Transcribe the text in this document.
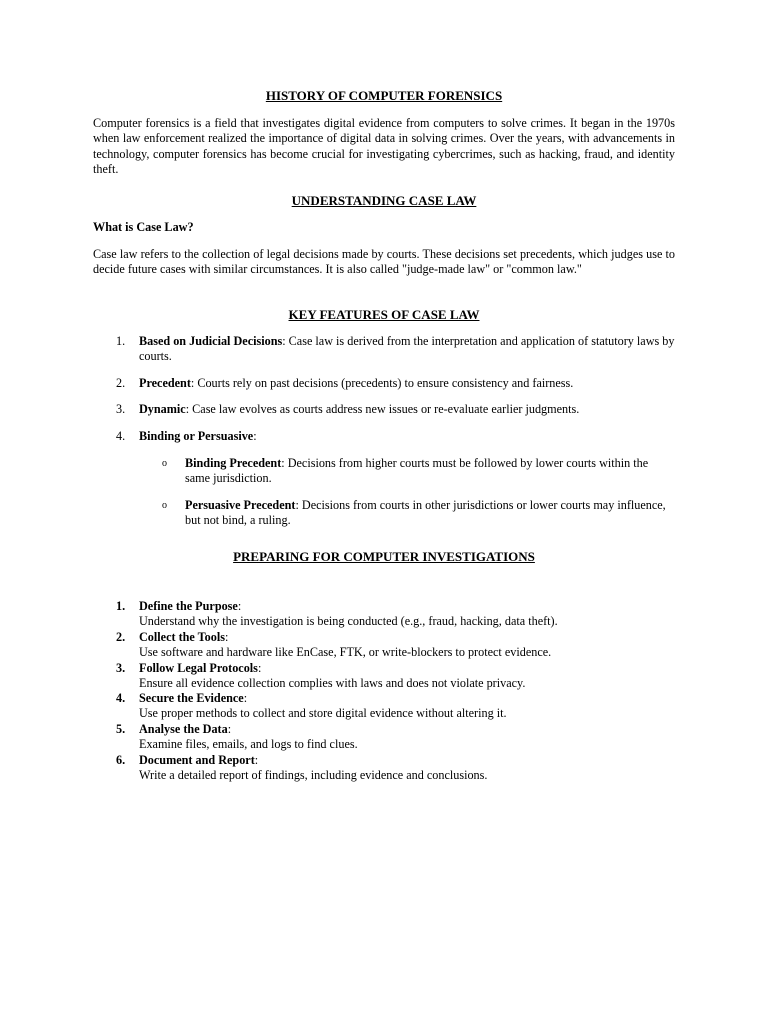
HISTORY OF COMPUTER FORENSICS

Computer forensics is a field that investigates digital evidence from computers to solve crimes. It began in the 1970s when law enforcement realized the importance of digital data in solving crimes. Over the years, with advancements in technology, computer forensics has become crucial for investigating cybercrimes, such as hacking, fraud, and identity theft.

UNDERSTANDING CASE LAW

What is Case Law?

Case law refers to the collection of legal decisions made by courts. These decisions set precedents, which judges use to decide future cases with similar circumstances. It is also called "judge-made law" or "common law."

KEY FEATURES OF CASE LAW
1.	Based on Judicial Decisions: Case law is derived from the interpretation and application of statutory laws by courts.
2.	Precedent: Courts rely on past decisions (precedents) to ensure consistency and fairness.
3.	Dynamic: Case law evolves as courts address new issues or re-evaluate earlier judgments.
4.	Binding or Persuasive:
o Binding Precedent: Decisions from higher courts must be followed by lower courts within the same jurisdiction.
o Persuasive Precedent: Decisions from courts in other jurisdictions or lower courts may influence, but not bind, a ruling.
PREPARING FOR COMPUTER INVESTIGATIONS
1. Define the Purpose:
Understand why the investigation is being conducted (e.g., fraud, hacking, data theft).
2. Collect the Tools:
Use software and hardware like EnCase, FTK, or write-blockers to protect evidence.
3. Follow Legal Protocols:
Ensure all evidence collection complies with laws and does not violate privacy.
4. Secure the Evidence:
Use proper methods to collect and store digital evidence without altering it.
5. Analyse the Data:
Examine files, emails, and logs to find clues.
6. Document and Report:
Write a detailed report of findings, including evidence and conclusions.
